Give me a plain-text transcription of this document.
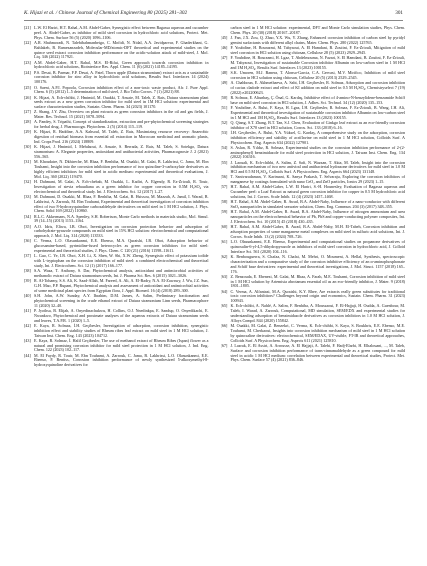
K. Hijazi et al. / Chinese Journal of Chemical Engineering 80 (2025) 281–302	301

[21] L.W. El Hariri, H.T. Rahal, A.M. Abdel-Gaber, Synergistic effect between Bagassa aqueous and cucumber peel. A. Abdel-Gaber, as inhibitor of mild steel corrosion in hydrochloric acid solutions, Protect. Met. Phys. Chem. Surface 56 (5) (2020) 1096–1106.

[22] A.R. Shahmoradi, N. Talebibahmanbeigo, C. Mofidi, N. Nidal, A.A. Javidparvar, F. Ghaderkhani, G. Bahlakeh, B. Ramezanzadeh, Molecular-MD/atomic-DFT theoretical and experimental studies on the quince seed extract corrosion inhibition performance on the acidic-solution attack of mild-steel, J. Mol. Liq. 346 (2022) 117921.

[23] A.M. Abdel-Gaber, H.T. Rahal, M.S. El-Rifai, Green approach towards corrosion inhibition in hydrochloric acid solutions, Biointerface Res. Appl. Chem. 11 (6) (2021) 14185–14195.

[24] P.S. Desai, B. Parmar, F.P. Desai, A. Patel, Thorn apple (Datura stramonium) extract acts as a sustainable corrosion inhibitor for zinc alloy in hydrochloric acid solutions, Results Surf. Interfaces 14 (2024) 100176.

[25] O. Saeni, A.P.I. Popoola, Corrosion inhibition effect of a non-toxic waste product, Afr. J. Pure Appl. Chem. 6 (5) (2012) 1–5 determination of mild steel, J. Bio Tribo Corros. 7 (1) (2021) 88.

[26] K. Hijazi, A. Ech-chihbi, J. Hmimid, M. Ouakki, T. Ansaie, M. Taleb, Z. Rais, Datura stramonium plant seeds extract as a new green corrosion inhibitor for mild steel in 1M HCl solution: experimental and surface characterization studies, Sustain. Chem. Pharm. 34 (2023) 101170.

[27] Z. Shang, J.Y. Zhu, Overview on plant extracts as green corrosion inhibitors in the oil and gas fields, J. Mater. Res. Technol. 15 (2021) 5078–5094.

[28] A. Pandey, S. Tripathi, Concept of standardization, extraction and pre-phytochemical screening strategies for herbal drug, J. Pharmacogn. Phytochem. 2 (5) (2014) 115–119.

[29] K. Hijazi, R. Haddine, A.A. Kahsoul, M. Taleb, Z. Rais, Maximizing resource recovery: Anaerobic digestion of residual biomass from essential oil extraction in Moroccan medicinal and aromatic plants, Ind. Crops Prod. 216 (2024) 118809.

[30] K. Hijazi, J. Hmimid, I. Mehdaoui, A. Ansaie, S. Berrada, Z. Rais, M. Taleb, S. Sotekgo, Datura stramonium: A. Elegante properties, antioxidant and antibacterial activities, Pharmacognosie J. 2 (2021) 556–565.

[31] M. Khoudaire, N. Dkhireche, M. Rbaa, F. Benhiba, M. Ouakki, M. Galai, B. Lakhrissi, C. Jama, M. Ebn Touhami, Insight into the corrosion inhibition performance of two quinoline-3-carboxylate derivatives as highly efficient inhibitors for mild steel in acidic medium: experimental and theoretical evaluations, J. Mol. Liq. 360 (2022) 119470.

[32] H. Dahmani, M. Galai, A. Ech-chebab, M. Ouakki, L. Kadiri, A. Elgendy, R. Ez-Zriouli, R. Touir, Investigation of stevia rebaudiana as a green inhibitor for copper corrosion in 0.5M H₂SO₄ via electrochemical and theoretical study. Int. J. Electrochem. Sci. 12 (2017) 1–27.

[33] M. Dahmani, D. Ouakki, M. Rbaa, F. Benhiba, M. Galai, B. Hsissou, M. Mazzah, A. Jamil, I. Warad, B. Lakhrissi, A. Zarrouk, M. Ebn Touhami, Experimental and theoretical investigation of corrosion inhibition effect of two 8-hydroxyquinoline carboxaldehyde derivatives on mild steel in 1 M HCl solution, J. Phys. Chem. Solid 169 (2022) 110860.

[34] R.L.C. Akkermans, N.A. Spenley, S.H. Robertson, Monte Carlo methods in materials studio, Mol. Simul. 39 (14–15) (2013) 1153–1164.

[35] A.O. Idris, Eliwa, I.B. Obot, Investigation on corrosion protection behavior and adsorption of carbohydrate-pyrazole compounds on mild steel in 15% HCl solution: electrochemical and computational approach, J. Mol. Liq. 314 (2020) 113533.

[36] C. Verma, L.O. Olasunkanmi, E.E. Ebenso, M.A. Quraishi, I.B. Obot, Adsorption behavior of glucosamine-based, pyrimidine-fused heterocycles as green corrosion inhibitors for mild steel: experimental and theoretical studies, J. Phys. Chem. C 120 (21) (2016) 11598–11611.

[37] L. Guo, C. Ye, I.B. Obot, X.H. Li, X. Shen, W. Shi, X.W. Zheng, Synergistic effect of potassium iodide with L-tryptophan on the corrosion inhibition of mild steel: a combined electrochemical and theoretical study, Int. J. Electrochem. Sci. 12 (1) (2017) 166–177.

[38] S.A. Waza, T. Anthony, S. Dar, Phytochemical analysis, antioxidant and antimicrobial activities of methanolic extract of Datura stramonium seeds, Int. J. Pharma Sci. Res. 6 (2015) 3021–3026.

[39] R. Al-Tohamy, S.S. Ali, K. Saad-Allah, M. Fareed, A. Ali, A. El-Badry, N.A. El-Zawawy, J. Wu, J.Z. Sun, G.H. Mao, P.P. Rupani, Phytochemical analysis and assessment of antioxidant and antimicrobial activities of some medicinal plant species from Egyptian flora, J. Appl. Biomed. 16 (4) (2018) 289–300.

[40] S.H. John, A.W. Sunday, A.Y. Ibrahim, D.M. James, A. Salim, Preliminary fractionation and phytochemical screening in the crude ethanol extract of Datura stramonium Linn seeds, Pharmacophore 11 (2020) 32–40.

[41] P. Jyothsa, B. Elijah, A. Onyedinachukwu, H. Collins, O.J. Nnedinkpa, E. Sandup, O. Onyedikachi, E. Nwankwo, Phytochemical and proximate analyses of the aqueous extracts of Datura stramonium seeds and leaves, T.A.P.R. 1 (2020) 1–5.

[42] E. Kaya, R. Solmaz, İ.H. Geçibesler, Investigation of adsorption, corrosion inhibition, synergistic inhibition effect and stability studies of Rheum ribes leaf extract on mild steel in 1 M HCl solution, J. Taiwan Inst. Chem. Eng. 143 (2023) 104712.

[43] E. Kaya, R. Solmaz, İ. Halil Geçibesler, The use of methanol extract of Rheum Ribes (Ispan) flower as a natural and promising corrosion inhibitor for mild steel protection in 1 M HCl solution, J. Ind. Eng. Chem. 122 (2023) 102–117.

[44] M. El Faydy, R. Touir, M. Ebn Touhami, A. Zarrouk, C. Jama, B. Lakhrissi, L.O. Olasunkanmi, E.E. Ebenso, F. Bentiss, Corrosion inhibition performance of newly synthesized 5-alkoxymethyl-8-hydroxyquinoline derivatives for

carbon steel in 1 M HCl solution: experimental, DFT and Monte Carlo simulation studies, Phys. Chem. Chem. Phys. 20 (30) (2018) 20167–20187.

[45] J. Fan, J.X. Zou, Q. Zhao, Y.X. Wu, Y. Zhang, Enhanced corrosion inhibition of carbon steel by pyridyl gemini surfactants with different alkyl chains, Mater. Chem. Phys. 280 (2022) 125765.

[46] F. Youbdine, H. Bourazmi, M. Tabyaoui, A. El Hamdani, B. Zouitni, F. Ez-Zriouli, Mitigation of mild steel corrosion in HCl solution using chitosan, Cellulose 28 (5) (2023) 2929–2945.

[47] F. Youbdine, H. Bourazmi, H. Lgaz, T. Abdelmouma, N. Fazari, S. El Hamdani, B. Zouitni, F. Ez-Zriouli, M. Tabyaoui, Investigation of sustainable Corrosion inhibitor Albumin on low-carbon steel in 1 M HCl and 1M H₂SO₄, Results Surf. Interfaces 13 (2023) 100155.

[48] S.K. Umoren, M.J. Banera, T. Alonso-Garcia, C.A. Gervasi, M.V. Mirifico, Inhibition of mild steel corrosion in HCl solution using chitosan, Cellulose 20 (5) (2013) 2529–2545.

[49] A. Chahboun, E. Akhmetbaeva, A. Sabi, İ.H. Geçibesler, R. Solmaz, Adsorption and corrosion inhibition of cactus cladode extract and effect of KI addition on mild steel in 0.5 M H₂SO₄, Chemistryselect 7 (19) (2022) e202200623.

[50] R. Solmaz, E. Altunbaş, Ç. Önal, G. Kardaş, Inhibitive effect of 4-amino-N-benzylidene-benzamide Schiff base on mild steel corrosion in HCl solution, J. Adhes. Sci. Technol. 34 (12) (2020) 135–153.

[51] F. Youbdine, A. Bulut, F. Kaya, H. Lgaz, İ.H. Geçibesler, R. Solmaz, F. Ez-Zriouli, B. Wang, I.H. Ali, Experimental and theoretical investigation of sustainable corrosion inhibitor Albumin on low-carbon steel in 1 M HCl and 1M H₂SO₄, Results Surf. Interfaces 13 (2023) 100155.

[52] Q. Qiang, S.T. Zhang, B.T. Tan, S.J. Chen, Evaluation of Ginkgo leaf extract as an eco-friendly corrosion inhibitor of X70 steel in HCl solution, Corros. Sci. 133 (2018) 6–16.

[53] İ.H. Geçibesler, A. Bulut, Y.A. Yüksel, G. Kardaş, A comprehensive study on the adsorption, corrosion inhibition efficiency and stability of acriflavine on mild steel in 1 M HCl solution, Colloids Surf. A Physicochem. Eng. Aspects 634 (2022) 127901.

[54] S. Aslan, R. Yıldız, R. Solmaz, Experimental studies on the corrosion inhibition performance of 2-(2-aminophenyl) benzimidazole for mild steel protection in HCl solution, J. Taiwan Inst. Chem. Eng. 134 (2022) 104316.

[55] J. Laouali, K. Ech-chihbi, A. Salim, Z. Safi, N. Wazzan, T. Akta, M. Taleb, Insight into the corrosion inhibition mechanism of two new antiviral and antibacterial hydrazone derivatives for mild steel in 1.0 M HCl and 0.5 M H₂SO₄, Colloids Surf. A Physicochem. Eng. Aspects 664 (2023) 131148.

[56] T. Sanivaradaman, V. Karimani, K. Sanya Prakash, T. Selvaraju, Exploring the corrosion inhibitors of manganese by coatings formulated with nano CeO₂ and ZnO particles, Ionics 29 (2023) 1–15.

[57] H.T. Rahal, A.M. Abdel-Gaber, L.W. El Hariri, S.-H. Hounesley, Evaluation of Bagassa aqueous and Cucumber peel: a Loaf Extract as natural green corrosion inhibitor for copper in 0.5 M hydrochloric acid solutions, Int. J. Corros. Scale Inhib. 12 (4) (2023) 1457–1468.

[58] H.T. Rahal, A.M. Abdel-Gaber, R. Awad, B.A. Abdel-Naby, Influence of a nano-conductor with different SnO₂ nanoparticles in simulated seawater solution, Chem. Eng. Commun. 204 (3) (2017) 348–355.

[59] H.T. Rahal, A.M. Abdel-Gaber, R. Awad, B.A. Abdel-Naby, Influence of nitrogen ammonium and urea nanoparticles on the electrochemical behavior of Pb, PbS and copper-conducting polymer composites, Int. J. Electrochem. Sci. 10 (2015) 45 (2018) 430–435.

[60] H.T. Rahal, A.M. Abdel-Gaber, R. Awad, B.A. Abdel-Naby, M.H. El-Tabeh, Corrosion inhibition and adsorption properties of some manganese metal complexes on mild steel in sulfuric acid solutions, Int. J. Corros. Scale Inhib. 13 (2) (2024) 708–726.

[61] L.O. Olasunkanmi, E.E. Ebenso, Experimental and computational studies on propanone derivatives of quinoxalin-6-yl-4,5-dihydropyrazole as inhibitors of mild steel corrosion in hydrochloric acid, J. Colloid Interface Sci. 561 (2020) 104–116.

[62] K. Benbouguerra, S. Chafaa, N. Chafai, M. Mehri, O. Moumeni, A. Hellal, Synthesis, spectroscopic characterization and a comparative study of the corrosion inhibitive efficiency of an α-aminophosphonate and Schiff base derivatives: experimental and theoretical investigations, J. Mol. Struct. 1157 (2018) 165–176.

[63] Z. Benzouda, E. Ebenezi, M. Galai, M. Rbaa, A. Farah, M.E. Touhami, Corrosion inhibition of mild steel in 1 M HCl solution by Artemisia abrotanum essential oil as an eco-friendly inhibitor, J. Mater. 9 (2018) 1801–1805.

[64] C. Verma, A. Alfantazi, M.A. Quraishi, K.Y. Rhee, Are extracts really green substitutes for traditional toxic corrosion inhibitors? Challenges beyond origin and economics, Sustain. Chem. Pharm. 31 (2023) 100943.

[65] K. Ech-chihbi, A. Nahlé, A. Salim, F. Benhiba, A. Moussaoui, F. El-Hajjaji, H. Oudda, A. Guenbour, M. Taleb, I. Warad, A. Zarrouk, Computational, MD simulation, SEM/EDX and experimental studies for understanding adsorption of benzimidazole derivatives as corrosion inhibitors in 1.0 M HCl solution, J. Alloys Compd. 844 (2020) 155842.

[66] M. Ouakki, M. Galai, Z. Benzekri, C. Verma, K. Ech-chihbi, S. Kaya, S. Boukhris, E.E. Ebenso, M.E. Touhami, M. Cherkaoui, Insights into corrosion inhibition mechanism of mild steel in 1 M HCl solution by quinoxaline derivatives: electrochemical, SEM/EDAX, UV-visible, FT-IR and theoretical approaches, Colloids Surf. A Physicochem. Eng. Aspects 611 (2021) 125810.

[67] J. Lazrak, E. El Assiri, A. Arrousse, A. El Hajjaji, A. Talebi, F. Hadj-Elarbi, H. Elhalouani, ..., M. Taleb, Surface and corrosion inhibition performance of trans-cinnamaldehyde as a green compound for mild steel in acidic 1 M HCl medium: correlation between experimental and theoretical studies, Protect. Met. Phys. Chem. Surface 57 (4) (2021) 836–846.
